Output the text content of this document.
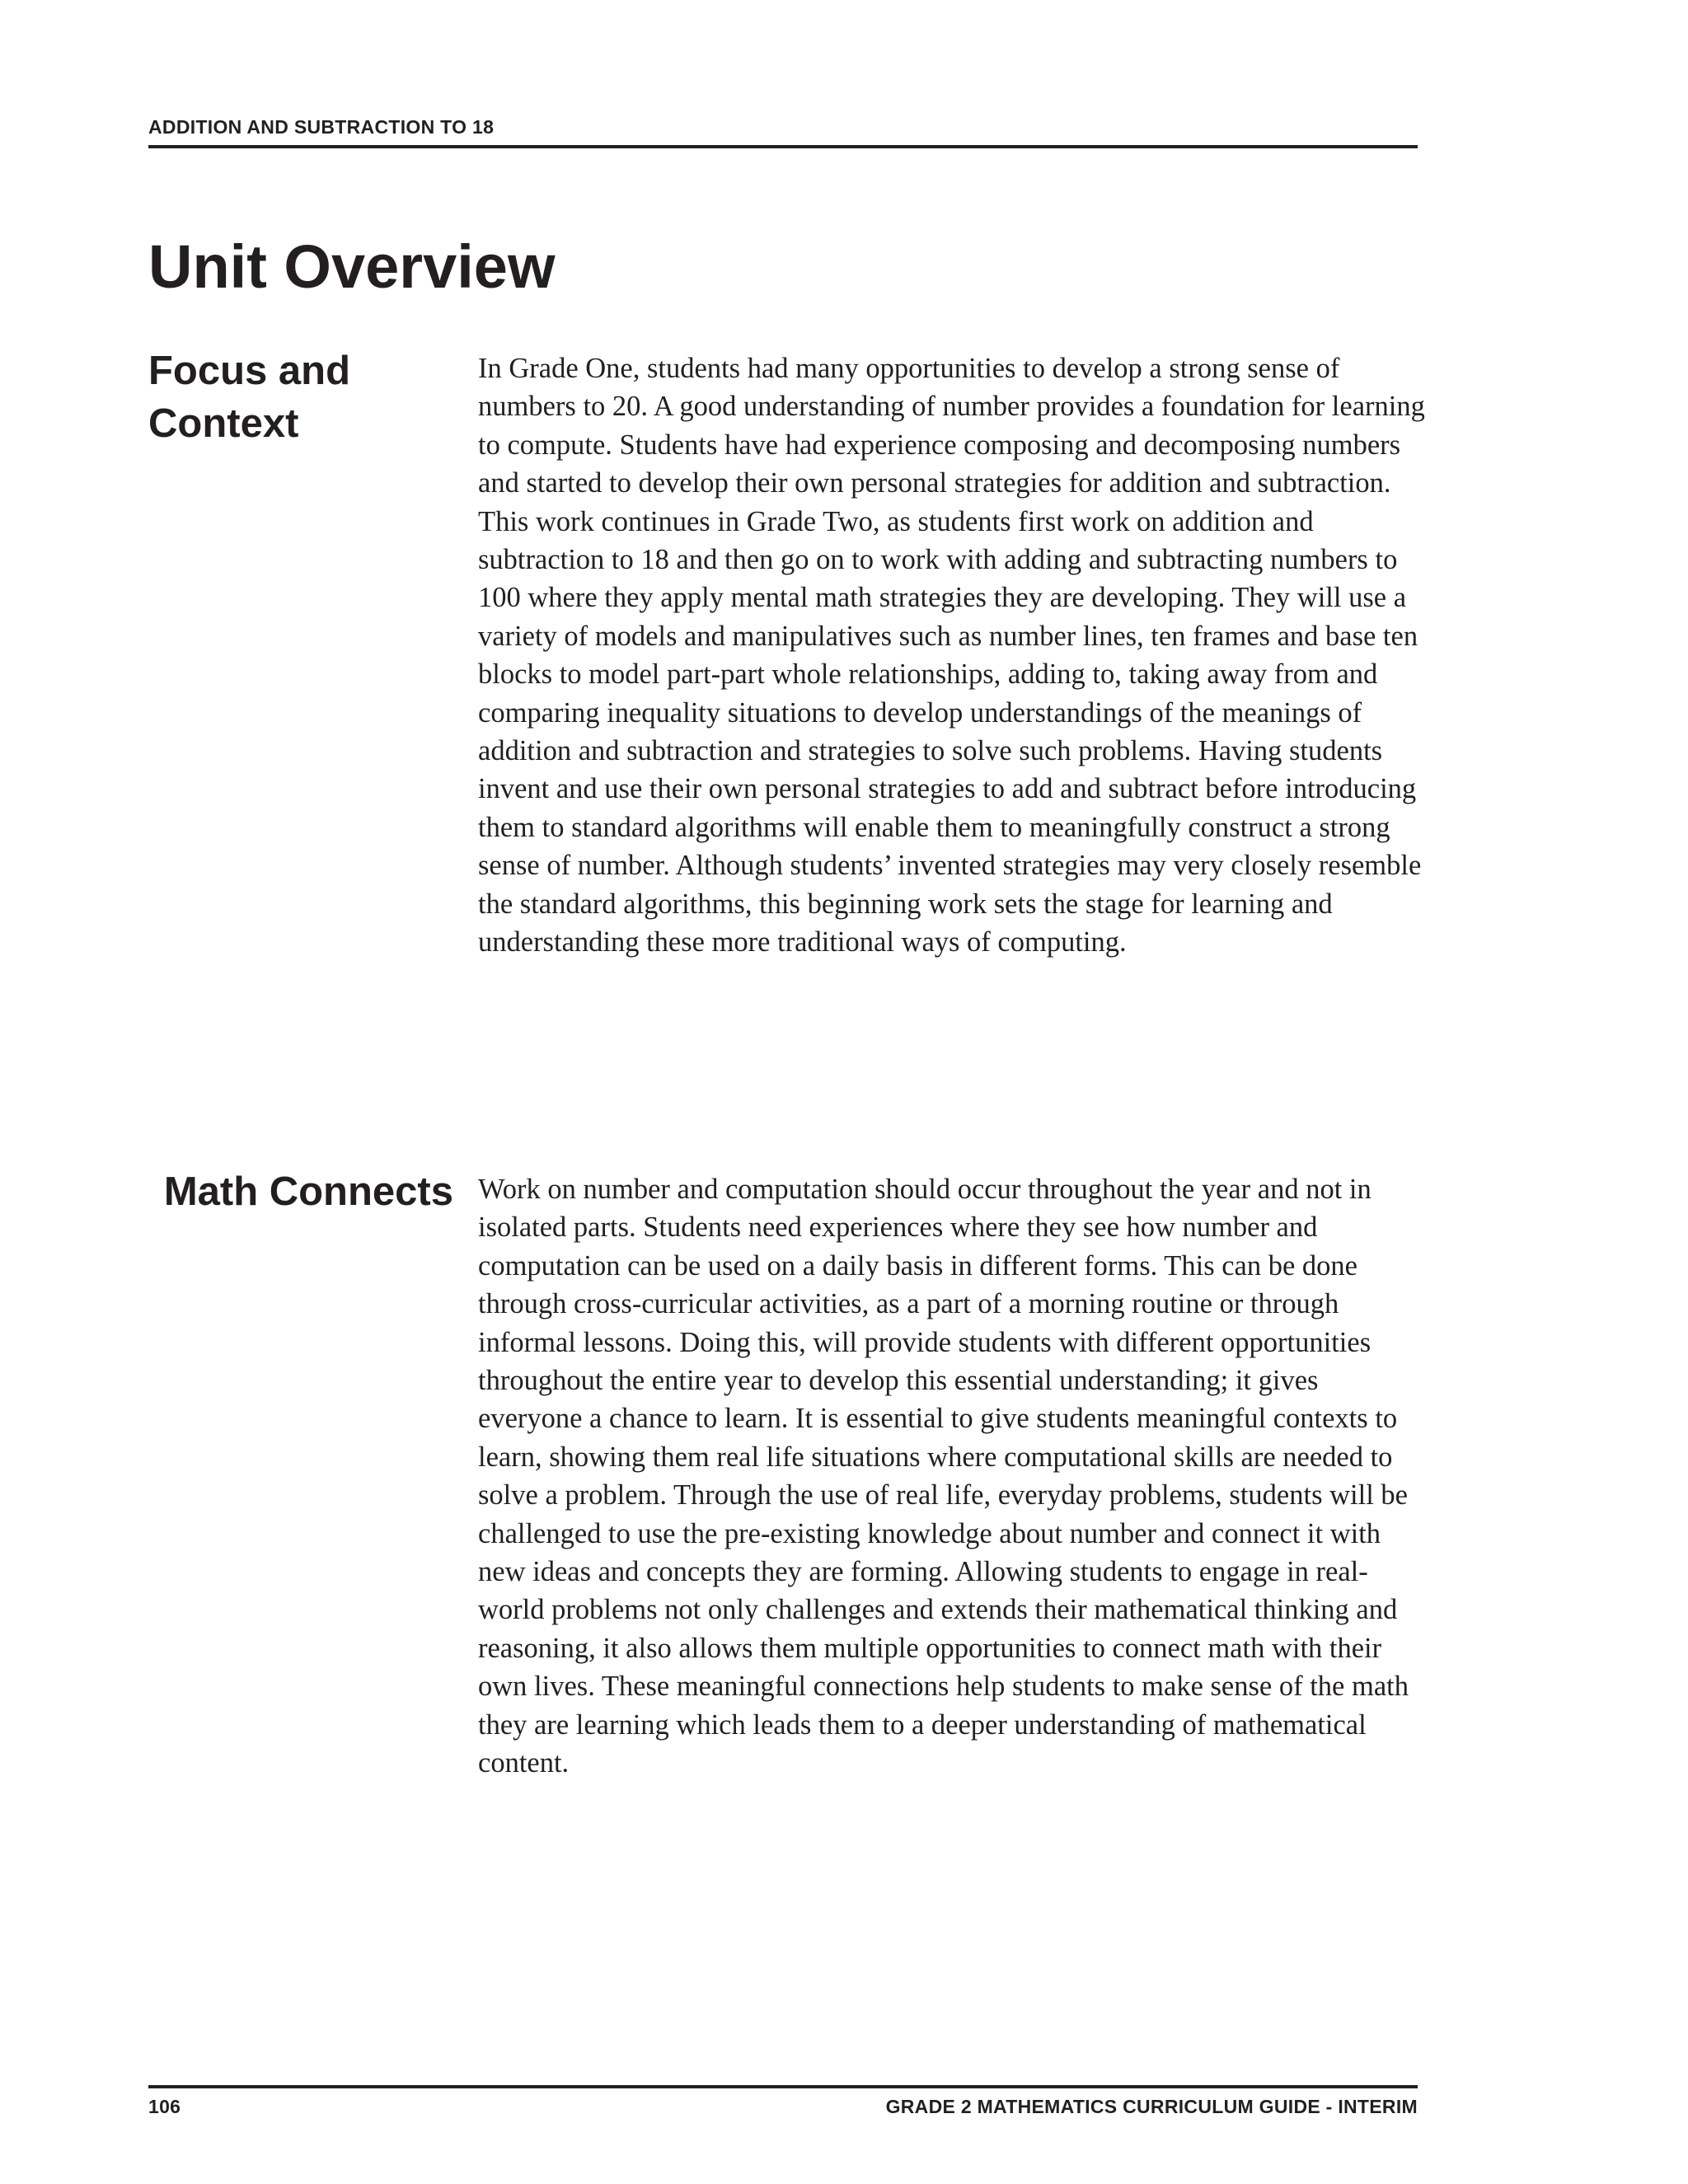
ADDITION AND SUBTRACTION TO 18
Unit Overview
Focus and Context

In Grade One, students had many opportunities to develop a strong sense of numbers to 20. A good understanding of number provides a foundation for learning to compute. Students have had experience composing and decomposing numbers and started to develop their own personal strategies for addition and subtraction. This work continues in Grade Two, as students first work on addition and subtraction to 18 and then go on to work with adding and subtracting numbers to 100 where they apply mental math strategies they are developing. They will use a variety of models and manipulatives such as number lines, ten frames and base ten blocks to model part-part whole relationships, adding to, taking away from and comparing inequality situations to develop understandings of the meanings of addition and subtraction and strategies to solve such problems. Having students invent and use their own personal strategies to add and subtract before introducing them to standard algorithms will enable them to meaningfully construct a strong sense of number. Although students’ invented strategies may very closely resemble the standard algorithms, this beginning work sets the stage for learning and understanding these more traditional ways of computing.

Math Connects Work on number and computation should occur throughout the year and not in isolated parts. Students need experiences where they see how number and computation can be used on a daily basis in different forms. This can be done through cross-curricular activities, as a part of a morning routine or through informal lessons. Doing this, will provide students with different opportunities throughout the entire year to develop this essential understanding; it gives everyone a chance to learn. It is essential to give students meaningful contexts to learn, showing them real life situations where computational skills are needed to solve a problem. Through the use of real life, everyday problems, students will be challenged to use the pre-existing knowledge about number and connect it with new ideas and concepts they are forming. Allowing students to engage in real-world problems not only challenges and extends their mathematical thinking and reasoning, it also allows them multiple opportunities to connect math with their own lives. These meaningful connections help students to make sense of the math they are learning which leads them to a deeper understanding of mathematical content.

106	GRADE 2 MATHEMATICS CURRICULUM GUIDE - INTERIM
